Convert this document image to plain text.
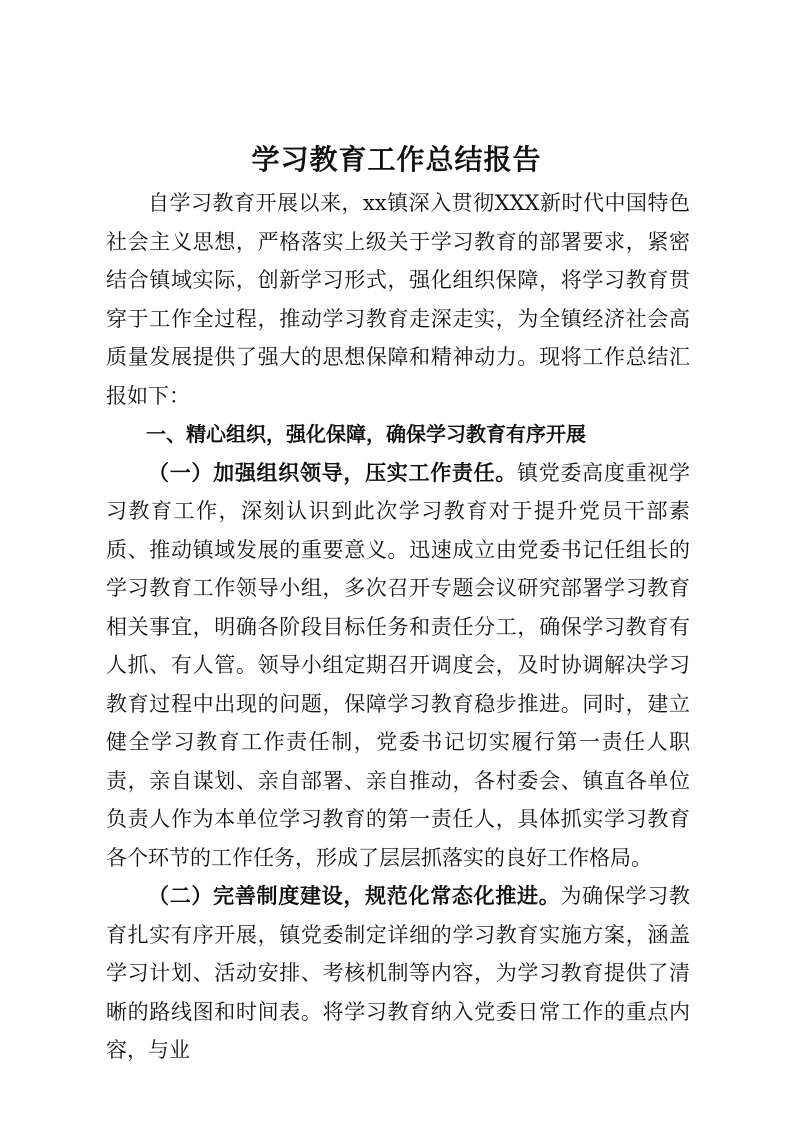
学习教育工作总结报告

自学习教育开展以来，xx镇深入贯彻XXX新时代中国特色社会主义思想，严格落实上级关于学习教育的部署要求，紧密结合镇域实际，创新学习形式，强化组织保障，将学习教育贯穿于工作全过程，推动学习教育走深走实，为全镇经济社会高质量发展提供了强大的思想保障和精神动力。现将工作总结汇报如下：

一、精心组织，强化保障，确保学习教育有序开展

（一）加强组织领导，压实工作责任。镇党委高度重视学习教育工作，深刻认识到此次学习教育对于提升党员干部素质、推动镇域发展的重要意义。迅速成立由党委书记任组长的学习教育工作领导小组，多次召开专题会议研究部署学习教育相关事宜，明确各阶段目标任务和责任分工，确保学习教育有人抓、有人管。领导小组定期召开调度会，及时协调解决学习教育过程中出现的问题，保障学习教育稳步推进。同时，建立健全学习教育工作责任制，党委书记切实履行第一责任人职责，亲自谋划、亲自部署、亲自推动，各村委会、镇直各单位负责人作为本单位学习教育的第一责任人，具体抓实学习教育各个环节的工作任务，形成了层层抓落实的良好工作格局。

（二）完善制度建设，规范化常态化推进。为确保学习教育扎实有序开展，镇党委制定详细的学习教育实施方案，涵盖学习计划、活动安排、考核机制等内容，为学习教育提供了清晰的路线图和时间表。将学习教育纳入党委日常工作的重点内容，与业
